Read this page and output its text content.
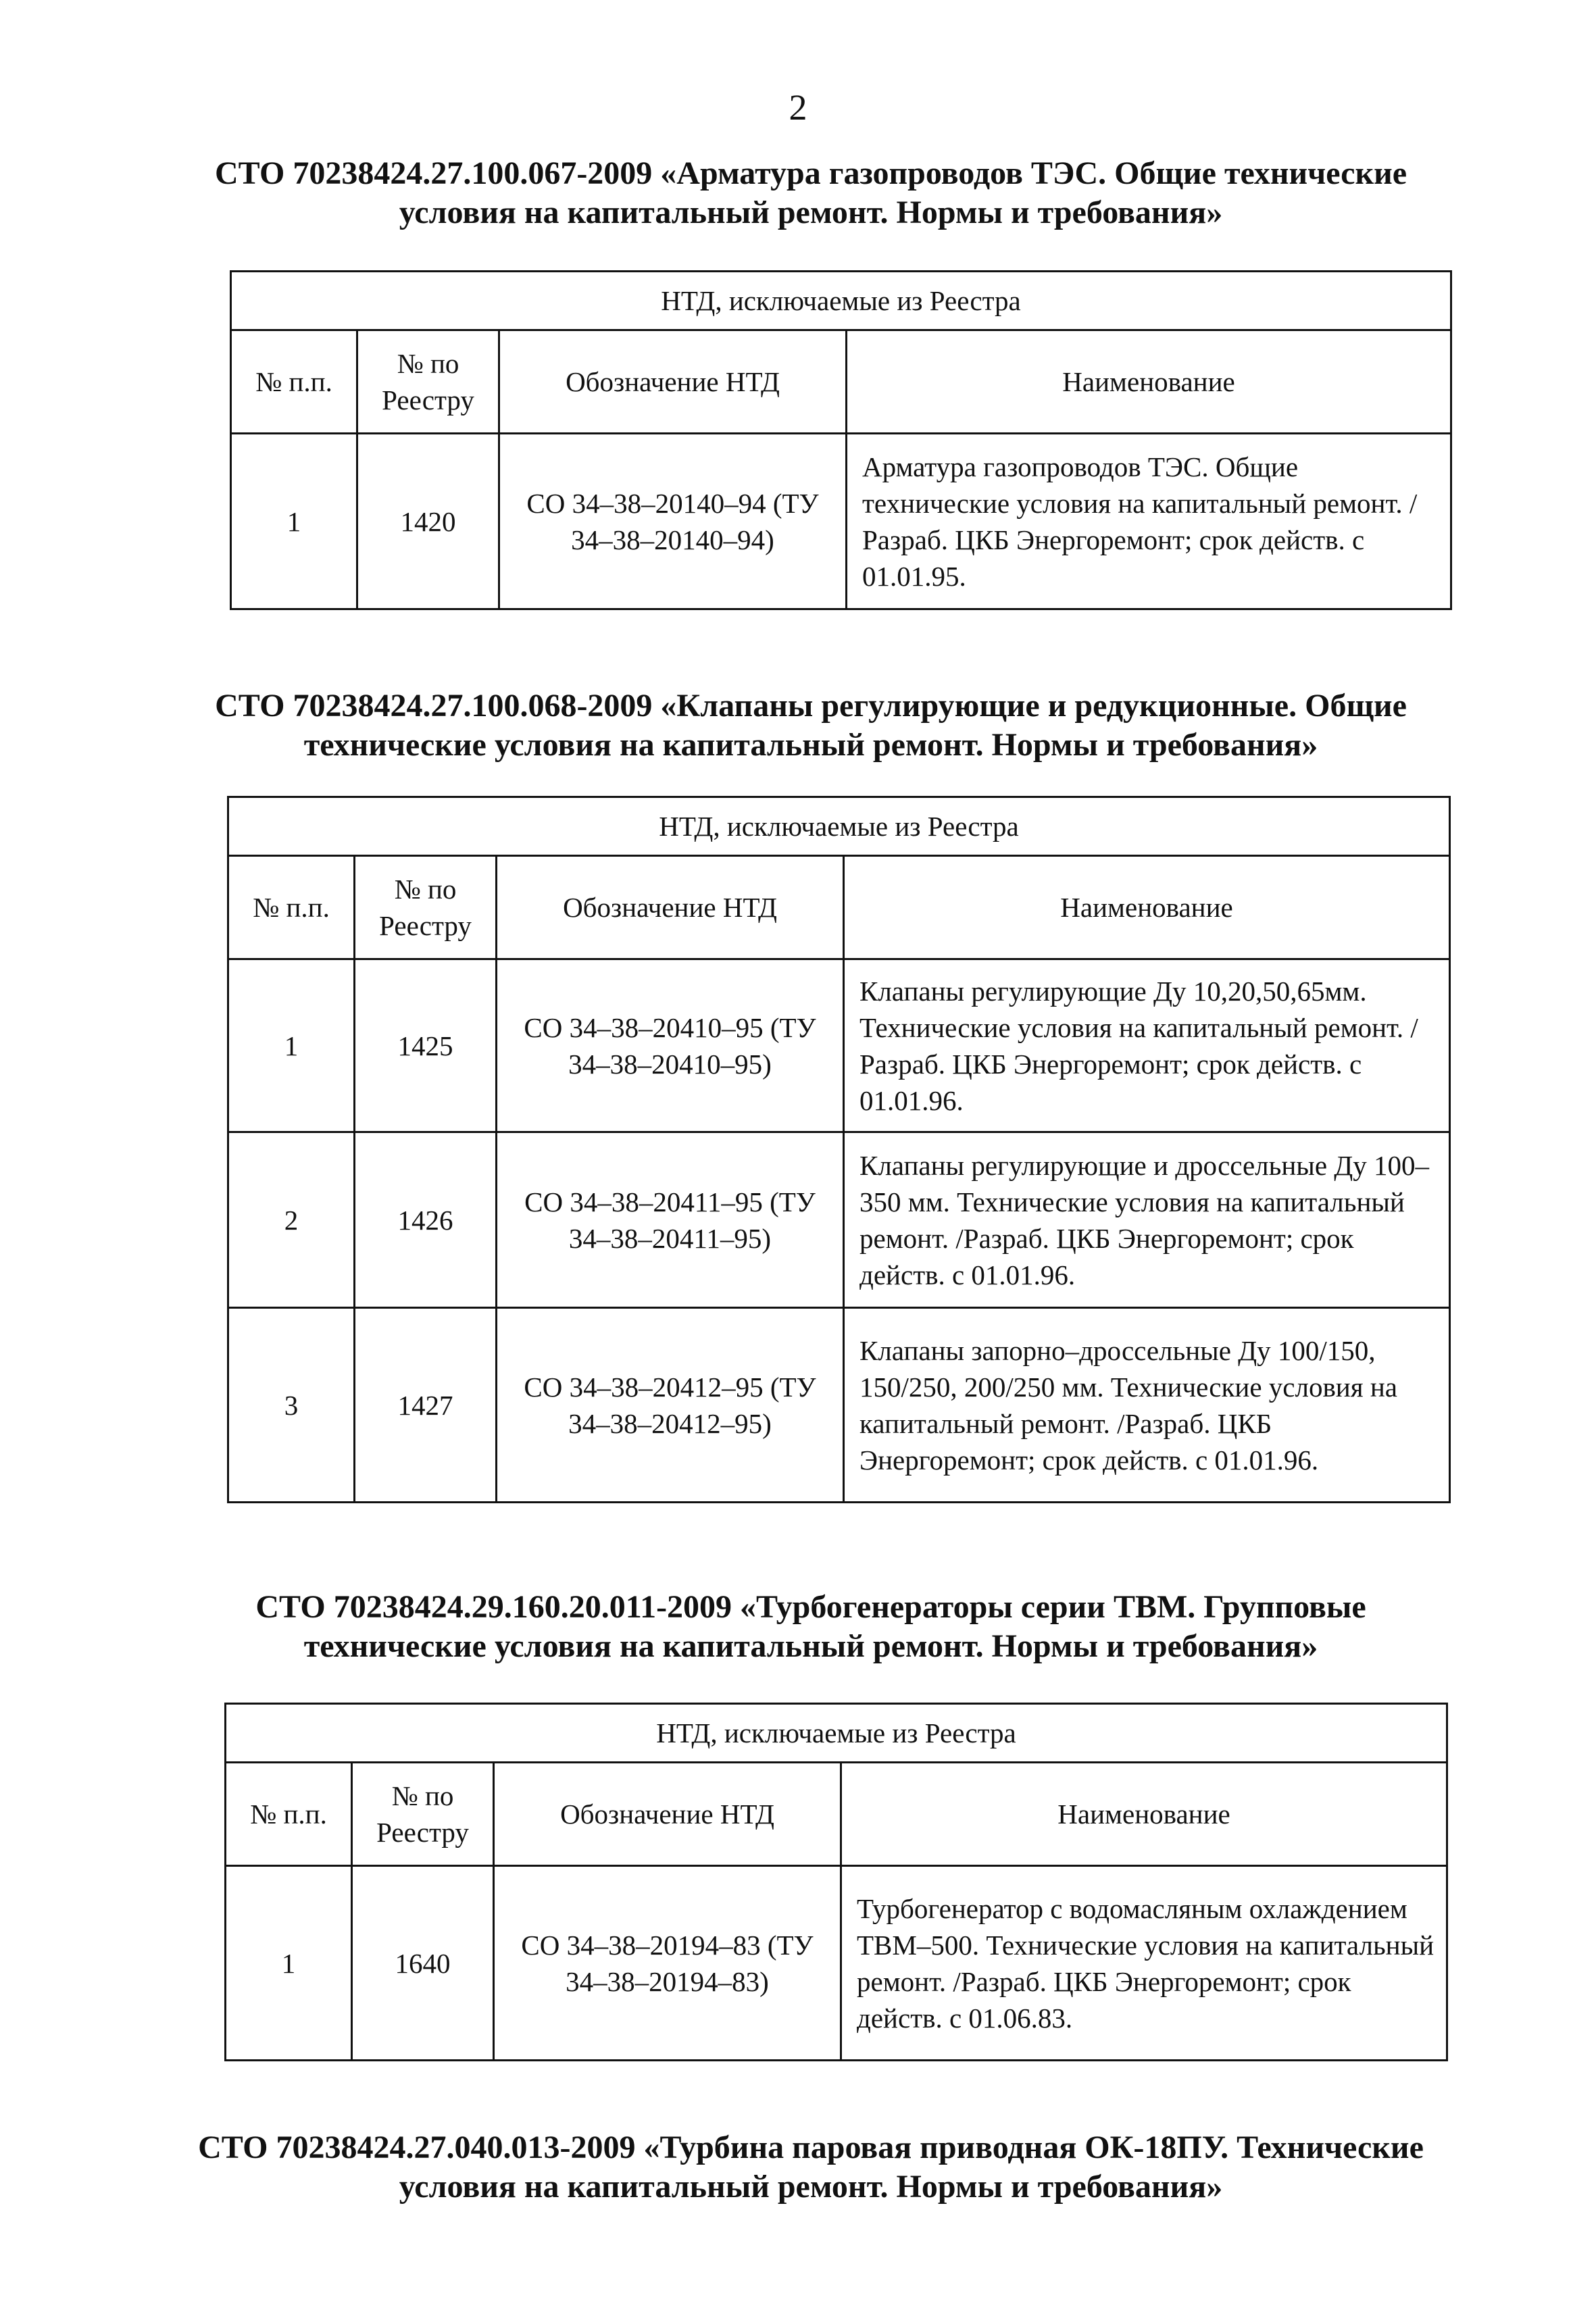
2
СТО 70238424.27.100.067-2009 «Арматура газопроводов ТЭС. Общие технические
условия на капитальный ремонт. Нормы и требования»
НТД, исключаемые из Реестра			
№ п.п.	№ по Реестру	Обозначение НТД	Наименование
1	1420	СО 34–38–20140–94 (ТУ 34–38–20140–94)	Арматура газопроводов ТЭС. Общие технические условия на капитальный ремонт. /Разраб. ЦКБ Энергоремонт; срок действ. с 01.01.95.
СТО 70238424.27.100.068-2009 «Клапаны регулирующие и редукционные. Общие
технические условия на капитальный ремонт. Нормы и требования»
НТД, исключаемые из Реестра			
№ п.п.	№ по Реестру	Обозначение НТД	Наименование
1	1425	СО 34–38–20410–95 (ТУ 34–38–20410–95)	Клапаны регулирующие Ду 10,20,50,65мм. Технические условия на капитальный ремонт. /Разраб. ЦКБ Энергоремонт; срок действ. с 01.01.96.
2	1426	СО 34–38–20411–95 (ТУ 34–38–20411–95)	Клапаны регулирующие и дроссельные Ду 100–350 мм. Технические условия на капитальный ремонт. /Разраб. ЦКБ Энергоремонт; срок действ. с 01.01.96.
3	1427	СО 34–38–20412–95 (ТУ 34–38–20412–95)	Клапаны запорно–дроссельные Ду 100/150, 150/250, 200/250 мм. Технические условия на капитальный ремонт. /Разраб. ЦКБ Энергоремонт; срок действ. с 01.01.96.
СТО 70238424.29.160.20.011-2009 «Турбогенераторы серии ТВМ. Групповые
технические условия на капитальный ремонт. Нормы и требования»
НТД, исключаемые из Реестра			
№ п.п.	№ по Реестру	Обозначение НТД	Наименование
1	1640	СО 34–38–20194–83 (ТУ 34–38–20194–83)	Турбогенератор с водомасляным охлаждением ТВМ–500. Технические условия на капитальный ремонт. /Разраб. ЦКБ Энергоремонт; срок действ. с 01.06.83.
СТО 70238424.27.040.013-2009 «Турбина паровая приводная ОК-18ПУ. Технические
условия на капитальный ремонт. Нормы и требования»
